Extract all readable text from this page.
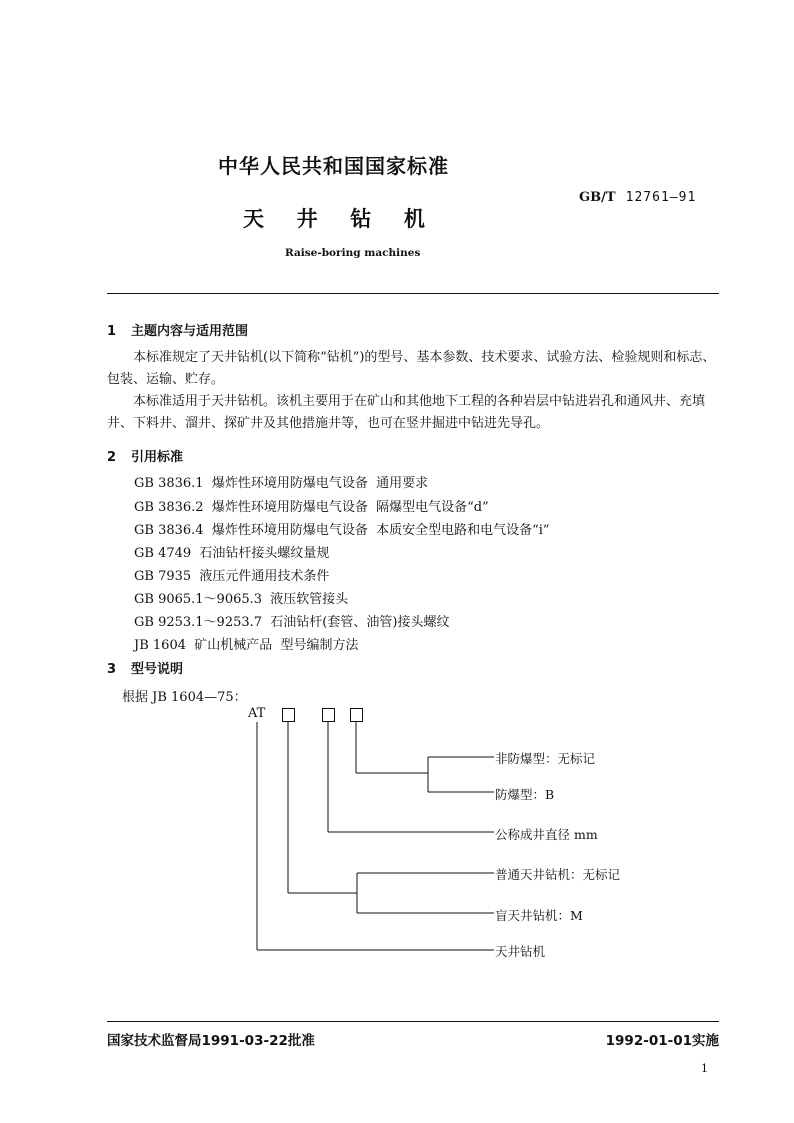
中华人民共和国国家标准
GB/T 12761—91
天  井  钻  机
Raise-boring machines
1 主题内容与适用范围
本标准规定了天井钻机(以下简称“钻机”)的型号、基本参数、技术要求、试验方法、检验规则和标志、包装、运输、贮存。
本标准适用于天井钻机。该机主要用于在矿山和其他地下工程的各种岩层中钻进岩孔和通风井、充填井、下料井、溜井、探矿井及其他措施井等，也可在竖井掘进中钻进先导孔。
2 引用标准
GB 3836.1  爆炸性环境用防爆电气设备  通用要求
GB 3836.2  爆炸性环境用防爆电气设备  隔爆型电气设备“d”
GB 3836.4  爆炸性环境用防爆电气设备  本质安全型电路和电气设备“i”
GB 4749  石油钻杆接头螺纹量规
GB 7935  液压元件通用技术条件
GB 9065.1～9065.3  液压软管接头
GB 9253.1～9253.7  石油钻杆(套管、油管)接头螺纹
JB 1604  矿山机械产品  型号编制方法
3 型号说明
根据 JB 1604—75：
AT
非防爆型：无标记
防爆型：B
公称成井直径 mm
普通天井钻机：无标记
盲天井钻机：M
天井钻机
国家技术监督局1991-03-22批准	1992-01-01实施
1
